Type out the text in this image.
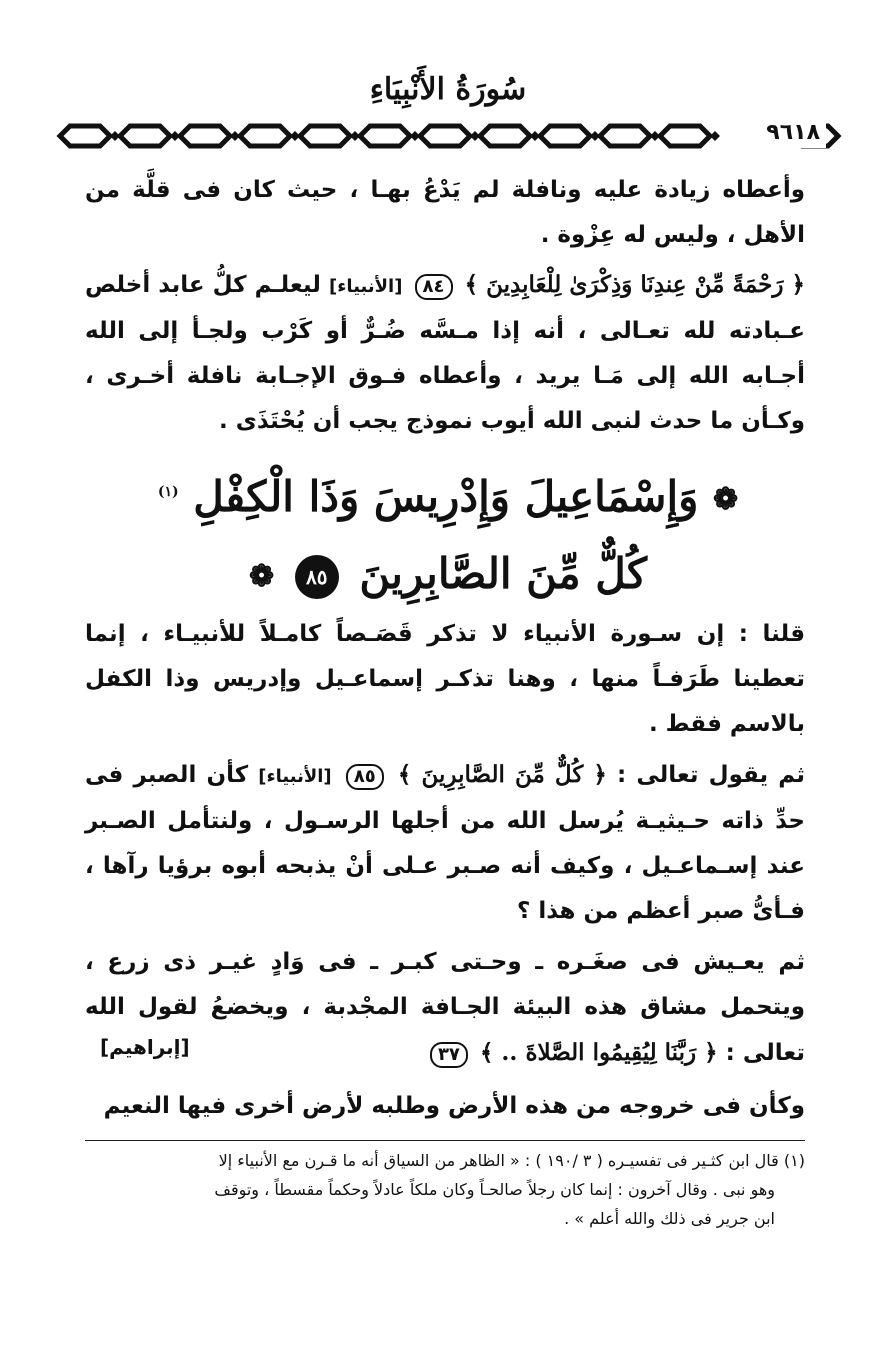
سُورَةُ الأَنْبِيَاءِ
٩٦١٨

وأعطاه زيادة عليه ونافلة لم يَدْعُ بهـا ، حيث كان فى قلَّة من الأهل ، وليس له عِزْوة .

﴿ رَحْمَةً مِّنْ عِندِنَا وَذِكْرَىٰ لِلْعَابِدِينَ ﴾ ٨٤ [الأنبياء] ليعلـم كلُّ عابد أخلص عـبادته لله تعـالى ، أنه إذا مـسَّه ضُـرٌّ أو كَرْب ولجـأ إلى الله أجـابه الله إلى مَـا يريد ، وأعطاه فـوق الإجـابة نافلة أخـرى ، وكـأن ما حدث لنبى الله أيوب نموذج يجب أن يُحْتَذَى .

❁ وَإِسْمَاعِيلَ وَإِدْرِيسَ وَذَا الْكِفْلِ $^{(١)}$
كُلٌّ مِّنَ الصَّابِرِينَ ٨٥ ❁

قلنا : إن سـورة الأنبياء لا تذكر قَصَـصاً كامـلاً للأنبيـاء ، إنما تعطينا طَرَفـاً منها ، وهنا تذكـر إسماعـيل وإدريس وذا الكفل بالاسم فقط .

ثم يقول تعالى : ﴿ كُلٌّ مِّنَ الصَّابِرِينَ ﴾ ٨٥ [الأنبياء] كأن الصبر فى حدِّ ذاته حـيثيـة يُرسل الله من أجلها الرسـول ، ولنتأمل الصـبر عند إسـماعـيل ، وكيف أنه صـبر عـلى أنْ يذبحه أبوه برؤيا رآها ، فـأىُّ صبر أعظم من هذا ؟

ثم يعـيش فى صغَـره ـ وحـتى كبـر ـ فى وَادٍ غيـر ذى زرع ، ويتحمل مشاق هذه البيئة الجـافة المجْدبة ، ويخضعُ لقول الله تعالى : ﴿ رَبَّنَا لِيُقِيمُوا الصَّلاةَ .. ﴾ ٣٧

[إبراهيم]

وكأن فى خروجه من هذه الأرض وطلبه لأرض أخرى فيها النعيم

(١) قال ابن كثـير فى تفسيـره ( ٣ /١٩٠ ) : « الظاهر من السياق أنه ما قـرن مع الأنبياء إلا
وهو نبى . وقال آخرون : إنما كان رجلاً صالحـاً وكان ملكاً عادلاً وحكماً مقسطاً ، وتوقف
ابن جرير فى ذلك والله أعلم » .
